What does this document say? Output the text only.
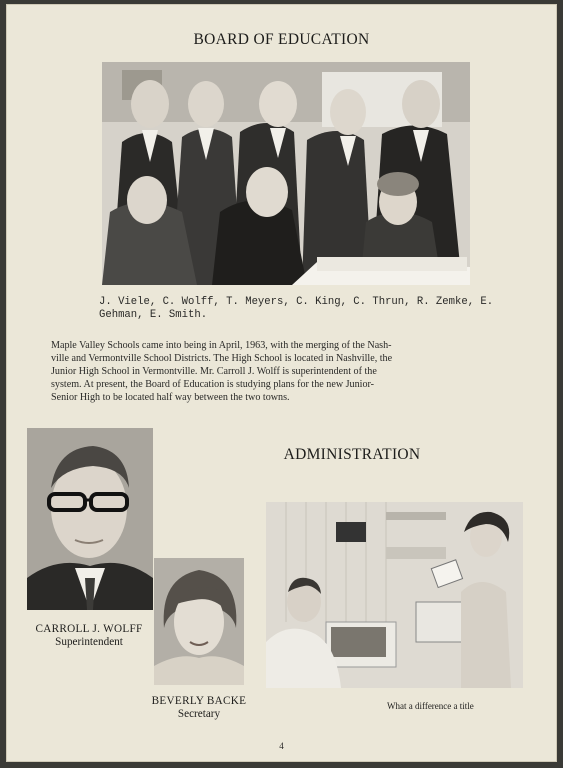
BOARD OF EDUCATION
J. Viele, C. Wolff, T. Meyers, C. King, C. Thrun, R. Zemke, E.
Gehman, E. Smith.
Maple Valley Schools came into being in April, 1963, with the merging of the Nash-
ville and Vermontville School Districts. The High School is located in Nashville, the
Junior High School in Vermontville. Mr. Carroll J. Wolff is superintendent of the
system. At present, the Board of Education is studying plans for the new Junior-
Senior High to be located half way between the two towns.
CARROLL J. WOLFF
Superintendent
BEVERLY BACKE
Secretary
ADMINISTRATION
What a difference a title
4
